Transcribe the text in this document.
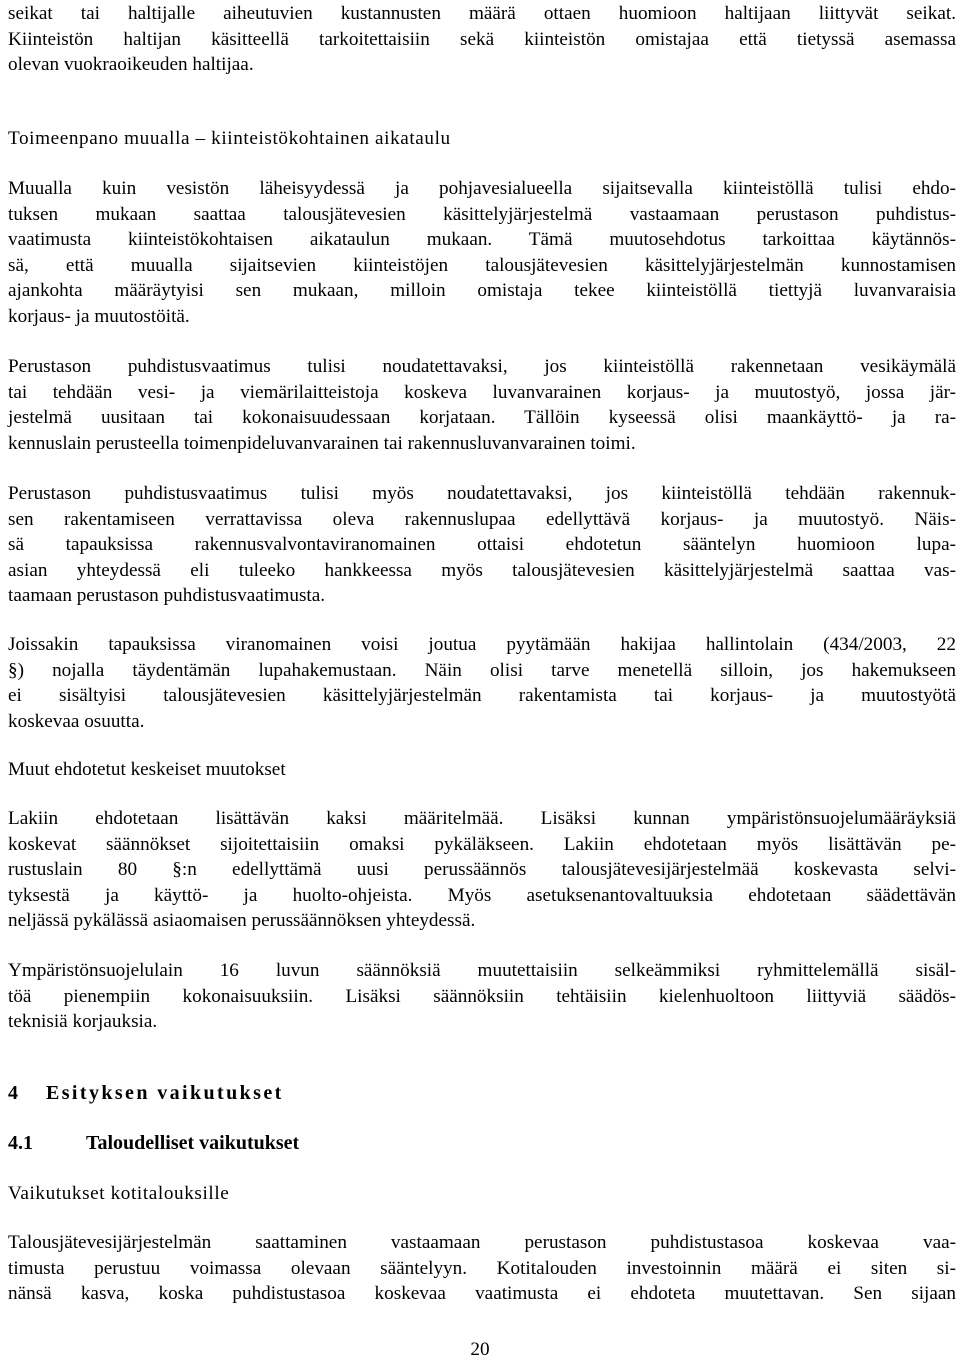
seikat tai haltijalle aiheutuvien kustannusten määrä ottaen huomioon haltijaan liittyvät seikat.
Kiinteistön haltijan käsitteellä tarkoitettaisiin sekä kiinteistön omistajaa että tietyssä asemassa
olevan vuokraoikeuden haltijaa.
Toimeenpano muualla – kiinteistökohtainen aikataulu
Muualla kuin vesistön läheisyydessä ja pohjavesialueella sijaitsevalla kiinteistöllä tulisi ehdo-
tuksen mukaan saattaa talousjätevesien käsittelyjärjestelmä vastaamaan perustason puhdistus-
vaatimusta kiinteistökohtaisen aikataulun mukaan. Tämä muutosehdotus tarkoittaa käytännös-
sä, että muualla sijaitsevien kiinteistöjen talousjätevesien käsittelyjärjestelmän kunnostamisen
ajankohta määräytyisi sen mukaan, milloin omistaja tekee kiinteistöllä tiettyjä luvanvaraisia
korjaus- ja muutostöitä.
Perustason puhdistusvaatimus tulisi noudatettavaksi, jos kiinteistöllä rakennetaan vesikäymälä
tai tehdään vesi- ja viemärilaitteistoja koskeva luvanvarainen korjaus- ja muutostyö, jossa jär-
jestelmä uusitaan tai kokonaisuudessaan korjataan. Tällöin kyseessä olisi maankäyttö- ja ra-
kennuslain perusteella toimenpideluvanvarainen tai rakennusluvanvarainen toimi.
Perustason puhdistusvaatimus tulisi myös noudatettavaksi, jos kiinteistöllä tehdään rakennuk-
sen rakentamiseen verrattavissa oleva rakennuslupaa edellyttävä korjaus- ja muutostyö. Näis-
sä tapauksissa rakennusvalvontaviranomainen ottaisi ehdotetun sääntelyn huomioon lupa-
asian yhteydessä eli tuleeko hankkeessa myös talousjätevesien käsittelyjärjestelmä saattaa vas-
taamaan perustason puhdistusvaatimusta.
Joissakin tapauksissa viranomainen voisi joutua pyytämään hakijaa hallintolain (434/2003, 22
§) nojalla täydentämän lupahakemustaan. Näin olisi tarve menetellä silloin, jos hakemukseen
ei sisältyisi talousjätevesien käsittelyjärjestelmän rakentamista tai korjaus- ja muutostyötä
koskevaa osuutta.
Muut ehdotetut keskeiset muutokset
Lakiin ehdotetaan lisättävän kaksi määritelmää. Lisäksi kunnan ympäristönsuojelumääräyksiä
koskevat säännökset sijoitettaisiin omaksi pykäläkseen. Lakiin ehdotetaan myös lisättävän pe-
rustuslain 80 §:n edellyttämä uusi perussäännös talousjätevesijärjestelmää koskevasta selvi-
tyksestä ja käyttö- ja huolto-ohjeista. Myös asetuksenantovaltuuksia ehdotetaan säädettävän
neljässä pykälässä asiaomaisen perussäännöksen yhteydessä.
Ympäristönsuojelulain 16 luvun säännöksiä muutettaisiin selkeämmiksi ryhmittelemällä sisäl-
töä pienempiin kokonaisuuksiin. Lisäksi säännöksiin tehtäisiin kielenhuoltoon liittyviä säädös-
teknisiä korjauksia.
4 Esityksen vaikutukset
4.1	Taloudelliset vaikutukset
Vaikutukset kotitalouksille
Talousjätevesijärjestelmän saattaminen vastaamaan perustason puhdistustasoa koskevaa vaa-
timusta perustuu voimassa olevaan sääntelyyn. Kotitalouden investoinnin määrä ei siten si-
nänsä kasva, koska puhdistustasoa koskevaa vaatimusta ei ehdoteta muutettavan. Sen sijaan
20
